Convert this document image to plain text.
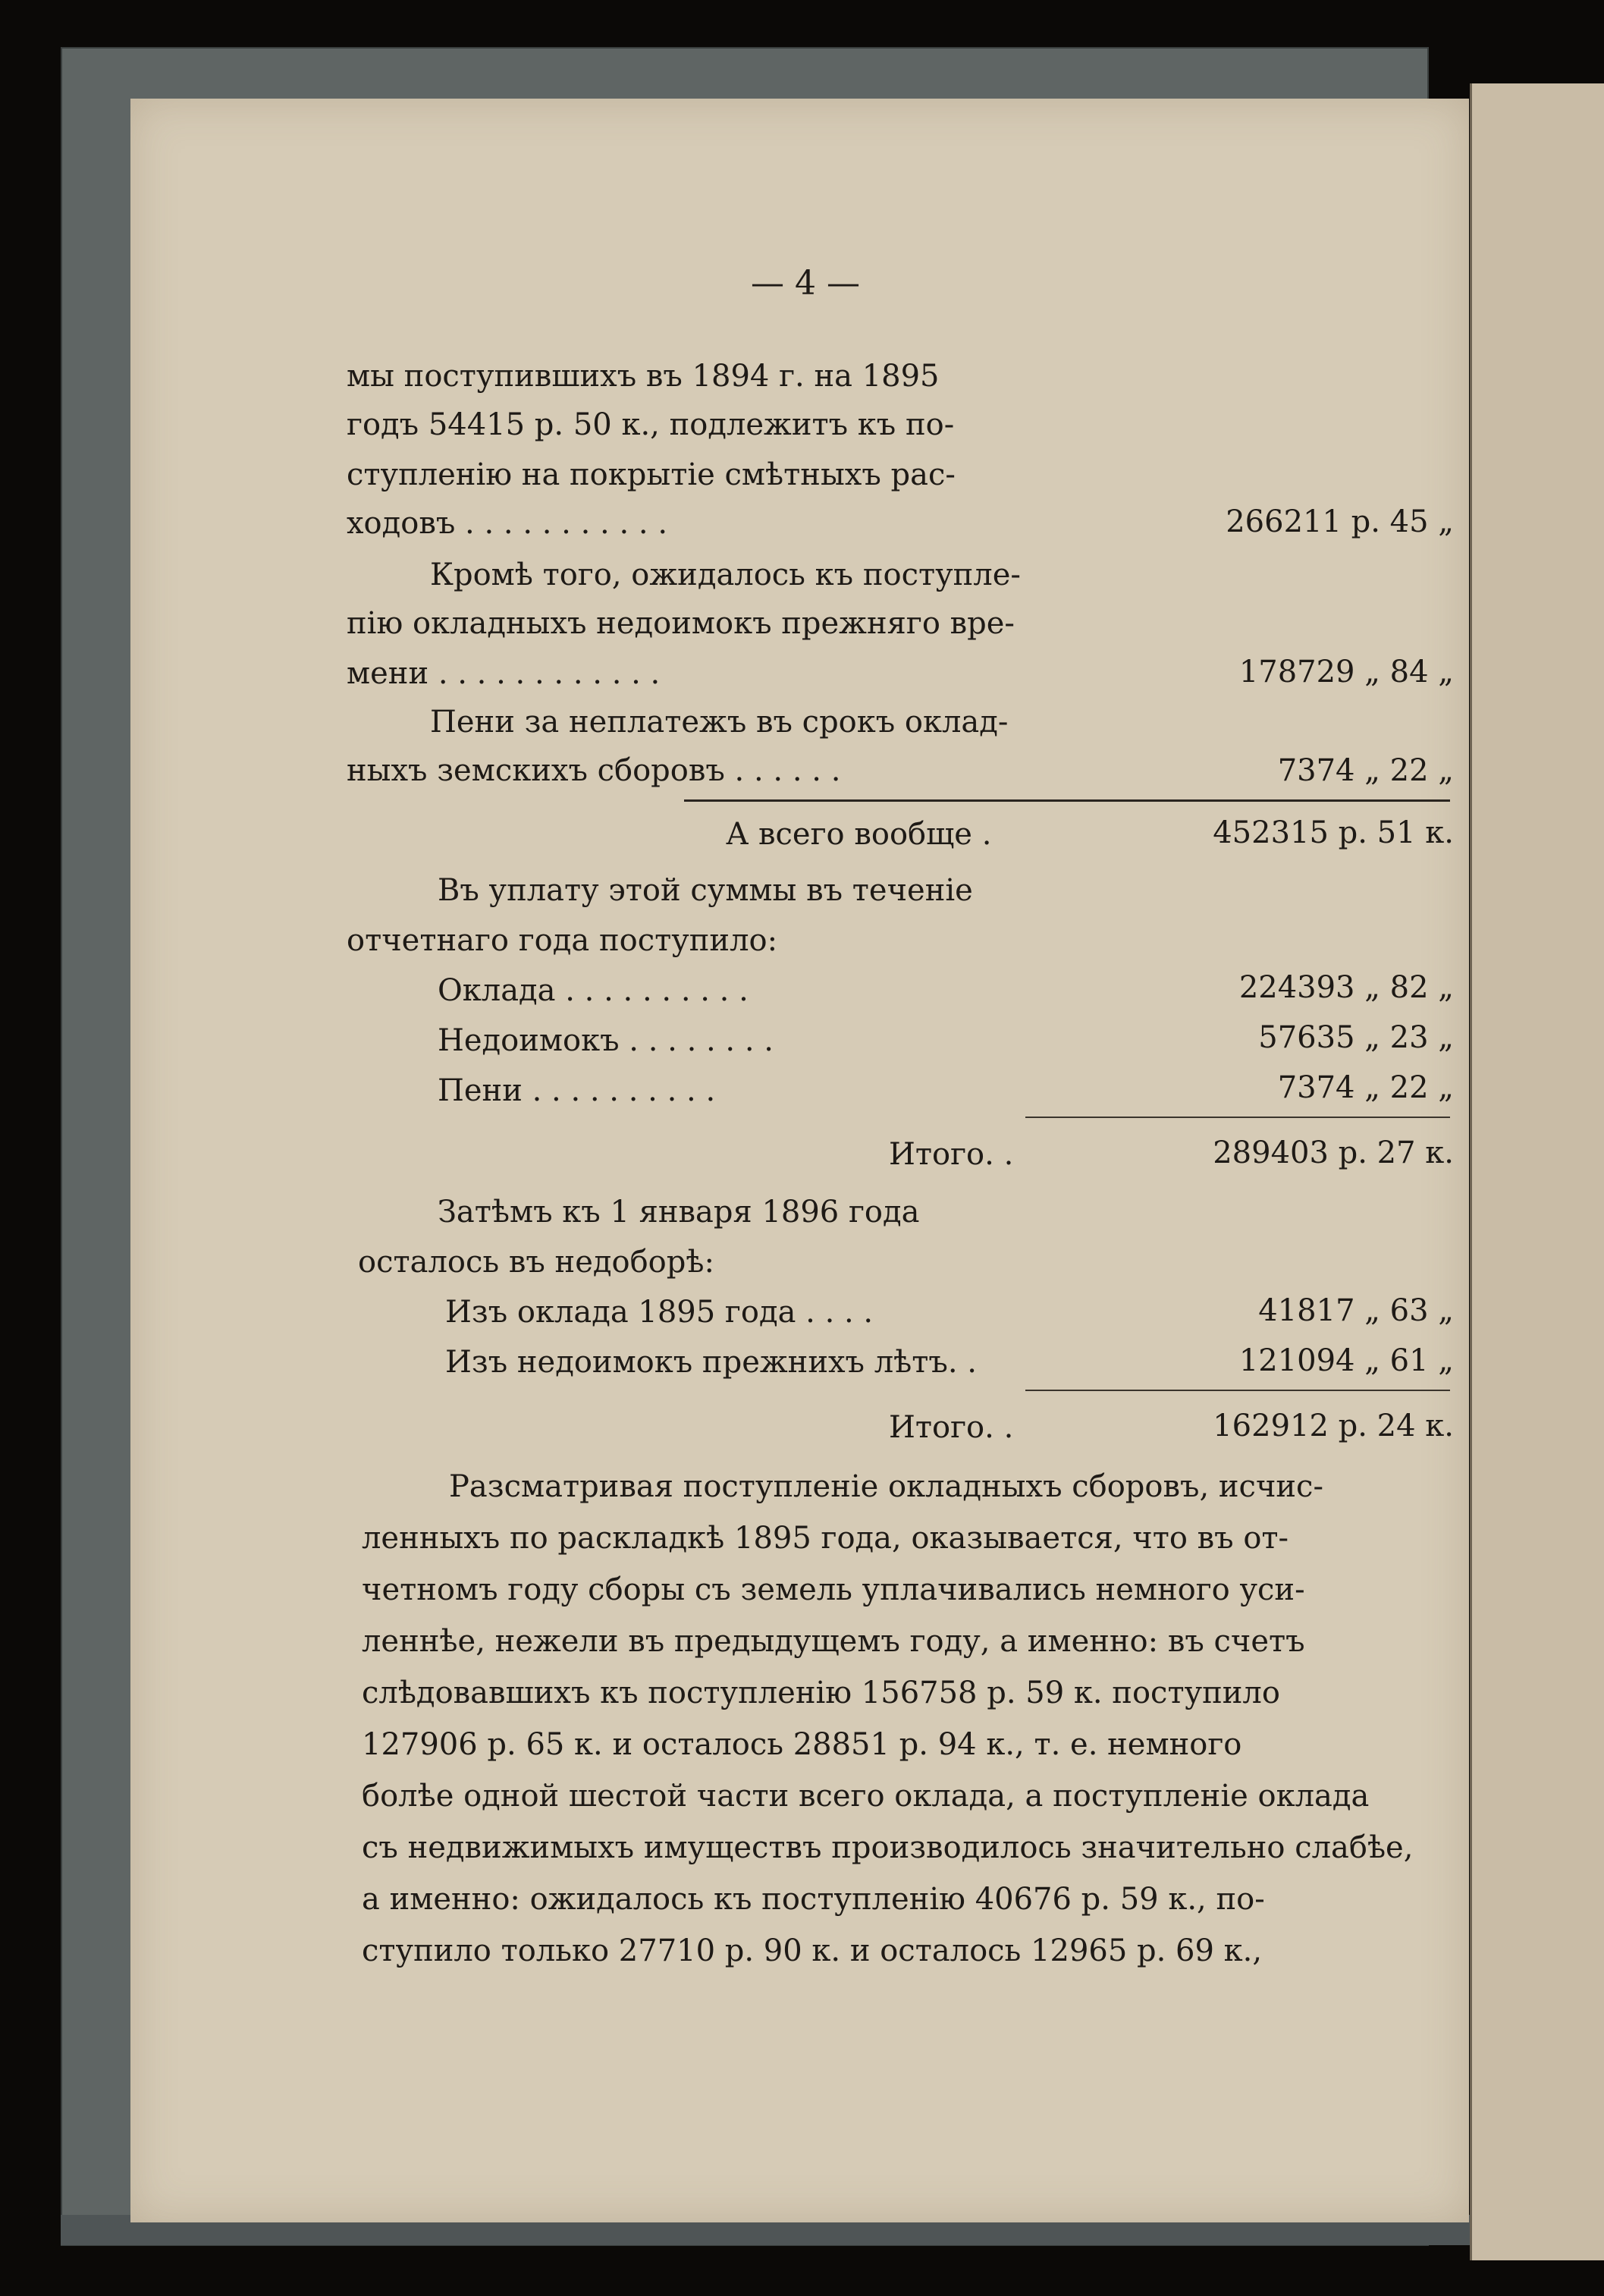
— 4 —
мы поступившихъ въ 1894 г. на 1895
годъ 54415 р. 50 к., подлежитъ къ по-
ступленію на покрытіе смѣтныхъ рас-
ходовъ . . . . . . . . . . .	266211 р. 45 „
Кромѣ того, ожидалось къ поступле-
пію окладныхъ недоимокъ прежняго вре-
мени . . . . . . . . . . . .	178729 „ 84 „
Пени за неплатежъ въ срокъ оклад-
ныхъ земскихъ сборовъ . . . . . .	7374 „ 22 „
А всего вообще .	452315 р. 51 к.
Въ уплату этой суммы въ теченіе
отчетнаго года поступило:
Оклада . . . . . . . . . .	224393 „ 82 „
Недоимокъ . . . . . . . .	57635 „ 23 „
Пени . . . . . . . . . .	7374 „ 22 „
Итого. .	289403 р. 27 к.
Затѣмъ къ 1 января 1896 года
осталось въ недоборѣ:
Изъ оклада 1895 года . . . .	41817 „ 63 „
Изъ недоимокъ прежнихъ лѣтъ. .	121094 „ 61 „
Итого. .	162912 р. 24 к.
Разсматривая поступленіе окладныхъ сборовъ, исчис-
ленныхъ по раскладкѣ 1895 года, оказывается, что въ от-
четномъ году сборы съ земель уплачивались немного уси-
леннѣе, нежели въ предыдущемъ году, а именно: въ счетъ
слѣдовавшихъ къ поступленію 156758 р. 59 к. поступило
127906 р. 65 к. и осталось 28851 р. 94 к., т. е. немного
болѣе одной шестой части всего оклада, а поступленіе оклада
съ недвижимыхъ имуществъ производилось значительно слабѣе,
а именно: ожидалось къ поступленію 40676 р. 59 к., по-
ступило только 27710 р. 90 к. и осталось 12965 р. 69 к.,
